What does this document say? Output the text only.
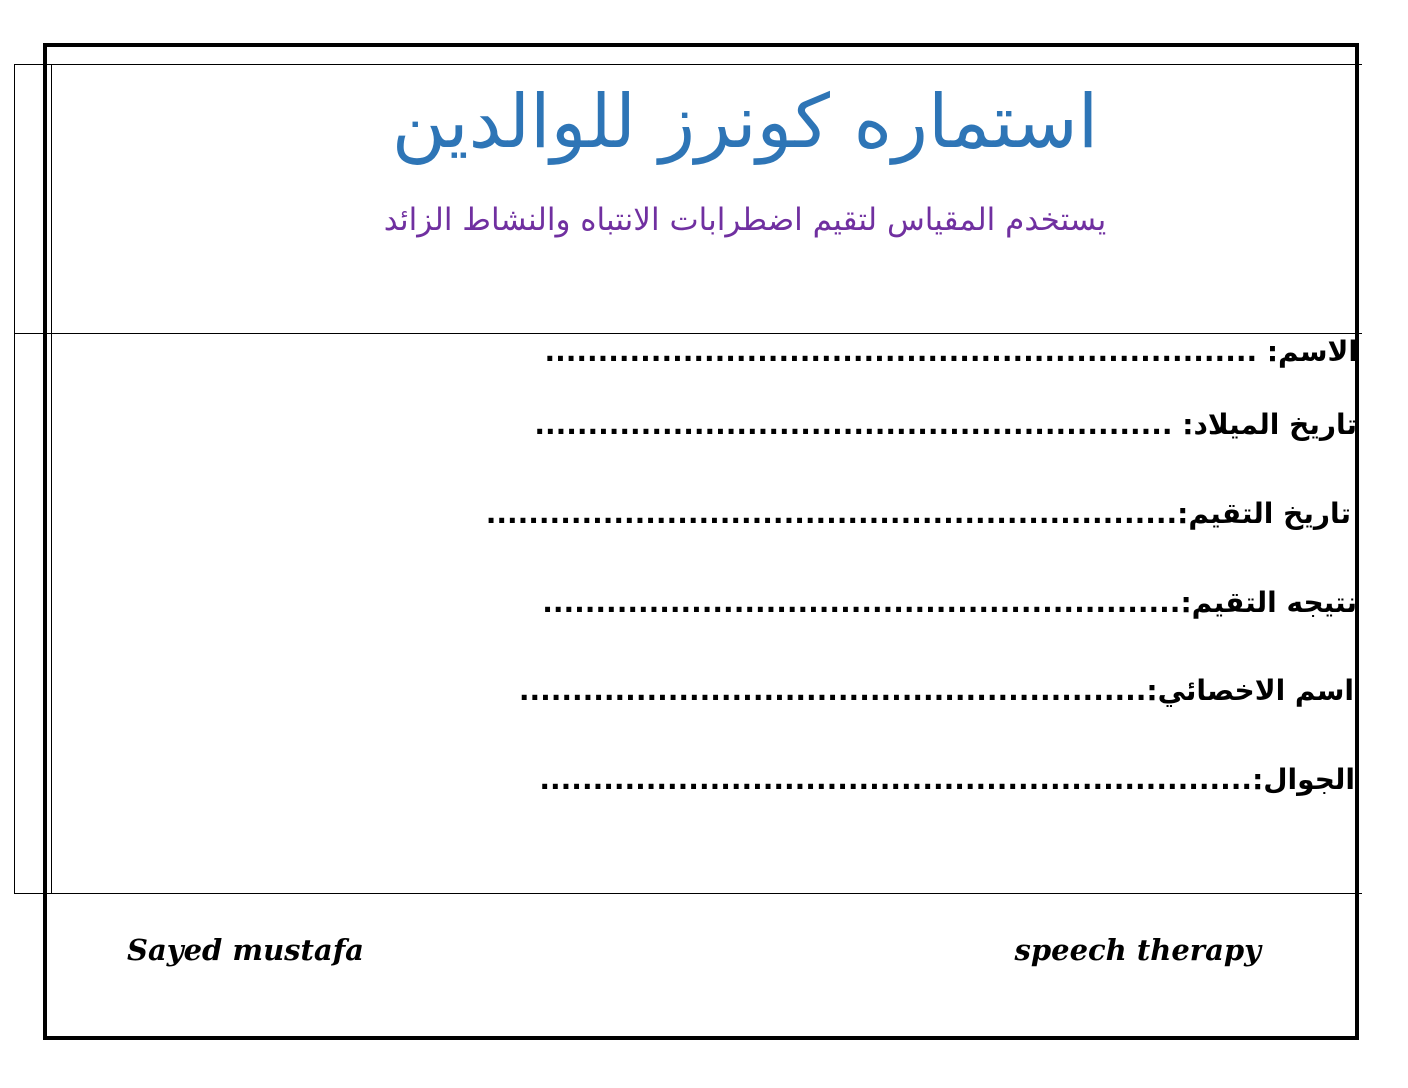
استماره كونرز للوالدين

يستخدم المقياس لتقيم اضطرابات الانتباه والنشاط الزائد

الاسم: ...................................................................
تاريخ الميلاد: ............................................................
تاريخ التقيم:.................................................................
نتيجه التقيم:............................................................
اسم الاخصائي:...........................................................
الجوال:...................................................................
Sayed mustafa	speech therapy
